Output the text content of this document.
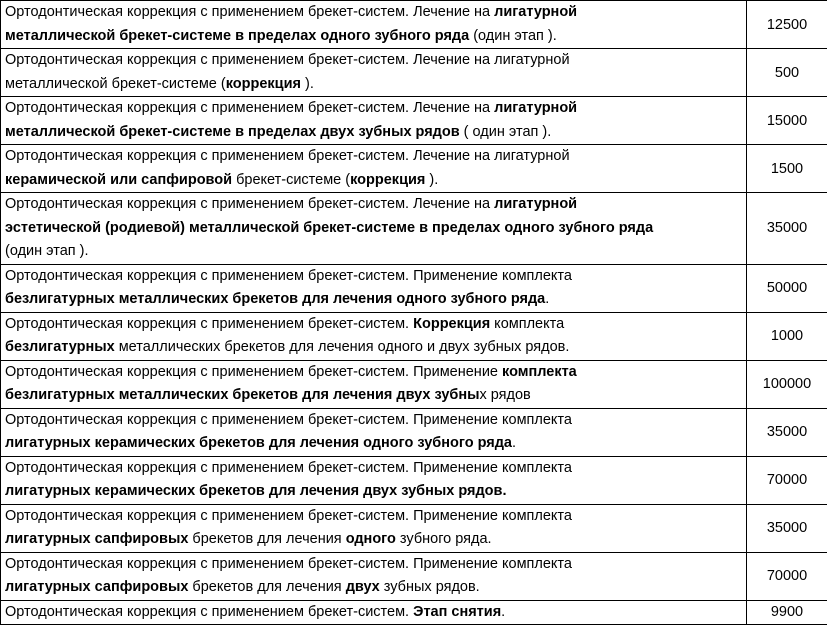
Ортодонтическая коррекция с применением брекет-систем. Лечение на лигатурной
металлической брекет-системе в пределах одного зубного ряда (один этап ).	12500

Ортодонтическая коррекция с применением брекет-систем. Лечение на лигатурной
металлической брекет-системе (коррекция ).	500

Ортодонтическая коррекция с применением брекет-систем. Лечение на лигатурной
металлической брекет-системе в пределах двух зубных рядов ( один этап ).	15000

Ортодонтическая коррекция с применением брекет-систем. Лечение на лигатурной
керамической или сапфировой брекет-системе (коррекция ).	1500

Ортодонтическая коррекция с применением брекет-систем. Лечение на лигатурной
эстетической (родиевой) металлической брекет-системе в пределах одного зубного ряда
(один этап ).	35000

Ортодонтическая коррекция с применением брекет-систем. Применение комплекта
безлигатурных металлических брекетов для лечения одного зубного ряда.	50000

Ортодонтическая коррекция с применением брекет-систем. Коррекция комплекта
безлигатурных металлических брекетов для лечения одного и двух зубных рядов.	1000

Ортодонтическая коррекция с применением брекет-систем. Применение комплекта
безлигатурных металлических брекетов для лечения двух зубных рядов	100000

Ортодонтическая коррекция с применением брекет-систем. Применение комплекта
лигатурных керамических брекетов для лечения одного зубного ряда.	35000

Ортодонтическая коррекция с применением брекет-систем. Применение комплекта
лигатурных керамических брекетов для лечения двух зубных рядов.	70000

Ортодонтическая коррекция с применением брекет-систем. Применение комплекта
лигатурных сапфировых брекетов для лечения одного зубного ряда.	35000

Ортодонтическая коррекция с применением брекет-систем. Применение комплекта
лигатурных сапфировых брекетов для лечения двух зубных рядов.	70000

Ортодонтическая коррекция с применением брекет-систем. Этап снятия.	9900
